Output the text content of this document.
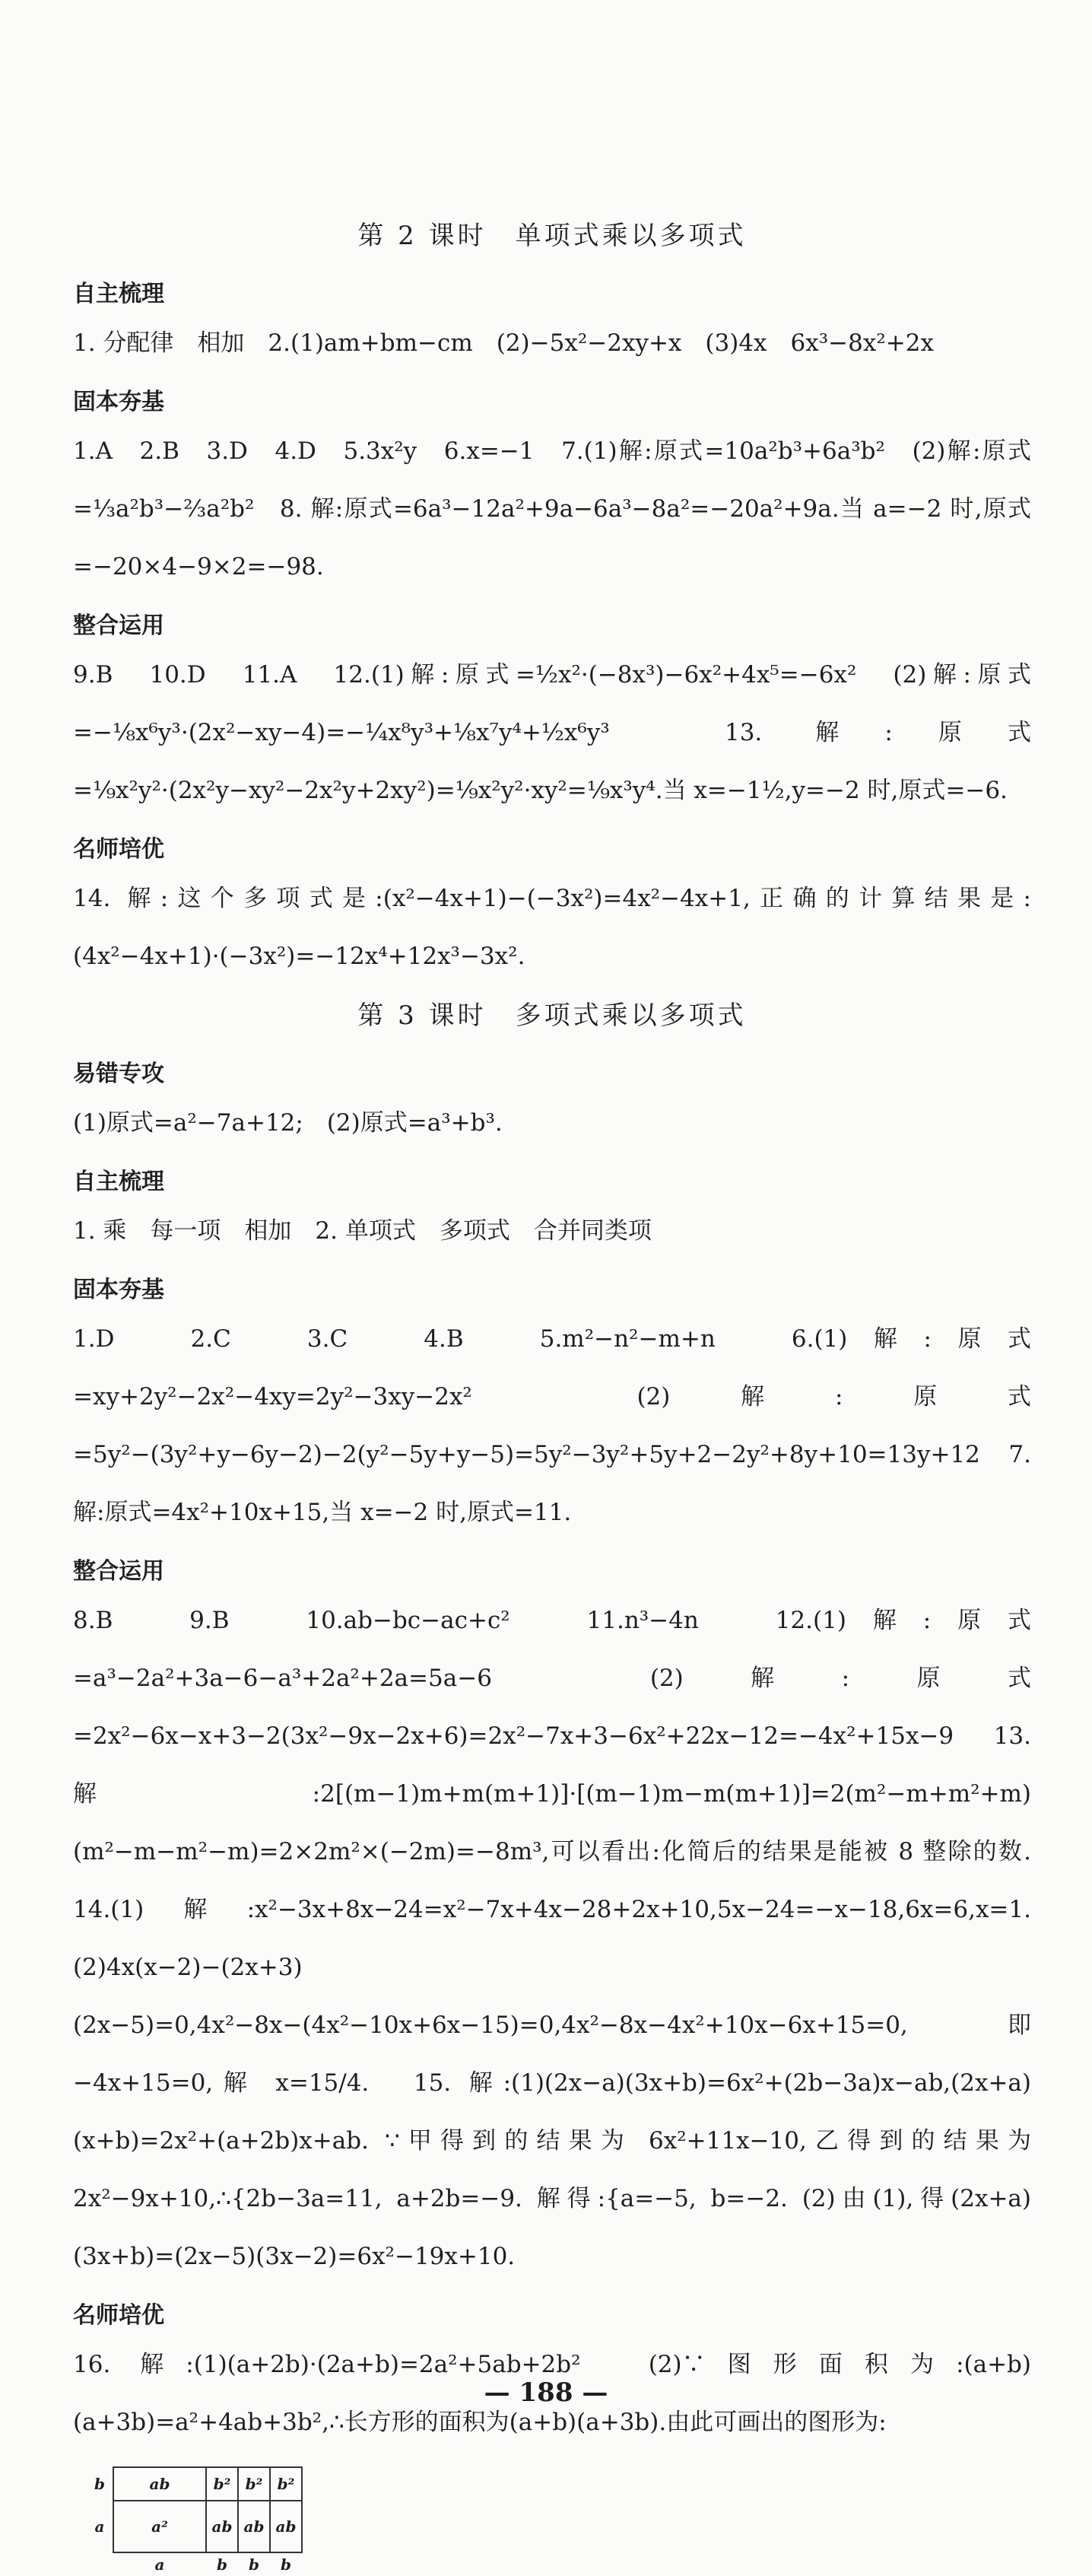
第 2 课时　单项式乘以多项式
自主梳理

1. 分配律　相加　2.(1)am+bm−cm　(2)−5x²−2xy+x　(3)4x　6x³−8x²+2x

固本夯基

1.A　2.B　3.D　4.D　5.3x²y　6.x=−1　7.(1)解:原式=10a²b³+6a³b²　(2)解:原式=⅓a²b³−⅔a²b²　8. 解:原式=6a³−12a²+9a−6a³−8a²=−20a²+9a.当 a=−2 时,原式=−20×4−9×2=−98.

整合运用

9.B　10.D　11.A　12.(1)解:原式=½x²·(−8x³)−6x²+4x⁵=−6x²　(2)解:原式=−⅛x⁶y³·(2x²−xy−4)=−¼x⁸y³+⅛x⁷y⁴+½x⁶y³　13. 解:原式=⅑x²y²·(2x²y−xy²−2x²y+2xy²)=⅑x²y²·xy²=⅑x³y⁴.当 x=−1½,y=−2 时,原式=−6.

名师培优

14. 解:这个多项式是:(x²−4x+1)−(−3x²)=4x²−4x+1,正确的计算结果是:(4x²−4x+1)·(−3x²)=−12x⁴+12x³−3x².

第 3 课时　多项式乘以多项式
易错专攻

(1)原式=a²−7a+12;　(2)原式=a³+b³.

自主梳理

1. 乘　每一项　相加　2. 单项式　多项式　合并同类项

固本夯基

1.D　2.C　3.C　4.B　5.m²−n²−m+n　6.(1)解:原式=xy+2y²−2x²−4xy=2y²−3xy−2x²　(2)解:原式=5y²−(3y²+y−6y−2)−2(y²−5y+y−5)=5y²−3y²+5y+2−2y²+8y+10=13y+12　7. 解:原式=4x²+10x+15,当 x=−2 时,原式=11.

整合运用

8.B　9.B　10.ab−bc−ac+c²　11.n³−4n　12.(1)解:原式=a³−2a²+3a−6−a³+2a²+2a=5a−6　(2)解:原式=2x²−6x−x+3−2(3x²−9x−2x+6)=2x²−7x+3−6x²+22x−12=−4x²+15x−9　13. 解:2[(m−1)m+m(m+1)]·[(m−1)m−m(m+1)]=2(m²−m+m²+m)(m²−m−m²−m)=2×2m²×(−2m)=−8m³,可以看出:化简后的结果是能被 8 整除的数.　14.(1)解:x²−3x+8x−24=x²−7x+4x−28+2x+10,5x−24=−x−18,6x=6,x=1.　(2)4x(x−2)−(2x+3)(2x−5)=0,4x²−8x−(4x²−10x+6x−15)=0,4x²−8x−4x²+10x−6x+15=0,即−4x+15=0,解 x=15/4.　15. 解:(1)(2x−a)(3x+b)=6x²+(2b−3a)x−ab,(2x+a)(x+b)=2x²+(a+2b)x+ab. ∵甲得到的结果为 6x²+11x−10,乙得到的结果为 2x²−9x+10,∴{2b−3a=11, a+2b=−9. 解得:{a=−5, b=−2. (2)由(1),得(2x+a)(3x+b)=(2x−5)(3x−2)=6x²−19x+10.

名师培优

16. 解:(1)(a+2b)·(2a+b)=2a²+5ab+2b²　(2)∵图形面积为:(a+b)(a+3b)=a²+4ab+3b²,∴长方形的面积为(a+b)(a+3b).由此可画出的图形为:

b	ab	b²	b²	b²
a	a²	ab	ab	ab
	a	b	b	b
— 188 —
